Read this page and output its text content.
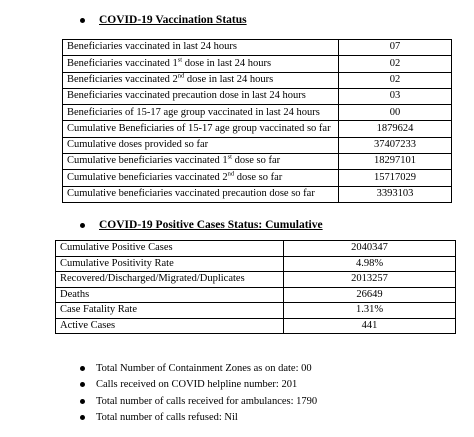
COVID-19 Vaccination Status
Beneficiaries vaccinated in last 24 hours	07
Beneficiaries vaccinated 1st dose in last 24 hours	02
Beneficiaries vaccinated 2nd dose in last 24 hours	02
Beneficiaries vaccinated precaution dose in last 24 hours	03
Beneficiaries of 15-17 age group vaccinated in last 24 hours	00
Cumulative Beneficiaries of 15-17 age group vaccinated so far	1879624
Cumulative doses provided so far	37407233
Cumulative beneficiaries vaccinated 1st dose so far	18297101
Cumulative beneficiaries vaccinated 2nd dose so far	15717029
Cumulative beneficiaries vaccinated precaution dose so far	3393103
COVID-19 Positive Cases Status: Cumulative
Cumulative Positive Cases	2040347
Cumulative Positivity Rate	4.98%
Recovered/Discharged/Migrated/Duplicates	2013257
Deaths	26649
Case Fatality Rate	1.31%
Active Cases	441
Total Number of Containment Zones as on date: 00
Calls received on COVID helpline number: 201
Total number of calls received for ambulances: 1790
Total number of calls refused: Nil
